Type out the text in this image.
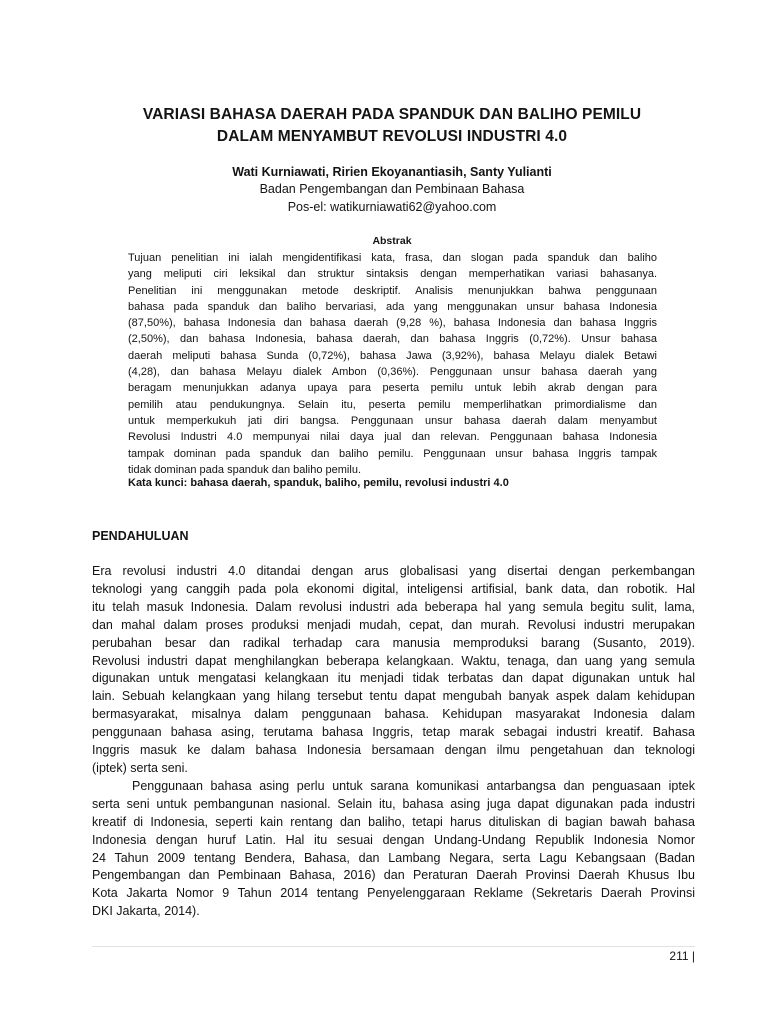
VARIASI BAHASA DAERAH PADA SPANDUK DAN BALIHO PEMILU
DALAM MENYAMBUT REVOLUSI INDUSTRI 4.0
Wati Kurniawati, Ririen Ekoyanantiasih, Santy Yulianti
Badan Pengembangan dan Pembinaan Bahasa
Pos-el: watikurniawati62@yahoo.com
Abstrak
Tujuan penelitian ini ialah mengidentifikasi kata, frasa, dan slogan pada spanduk dan baliho
yang meliputi ciri leksikal dan struktur sintaksis dengan memperhatikan variasi bahasanya.
Penelitian ini menggunakan metode deskriptif. Analisis menunjukkan bahwa penggunaan
bahasa pada spanduk dan baliho bervariasi, ada yang menggunakan unsur bahasa Indonesia
(87,50%), bahasa Indonesia dan bahasa daerah (9,28 %), bahasa Indonesia dan bahasa Inggris
(2,50%), dan bahasa Indonesia, bahasa daerah, dan bahasa Inggris (0,72%). Unsur bahasa
daerah meliputi bahasa Sunda (0,72%), bahasa Jawa (3,92%), bahasa Melayu dialek Betawi
(4,28), dan bahasa Melayu dialek Ambon (0,36%). Penggunaan unsur bahasa daerah yang
beragam menunjukkan adanya upaya para peserta pemilu untuk lebih akrab dengan para
pemilih atau pendukungnya. Selain itu, peserta pemilu memperlihatkan primordialisme dan
untuk memperkukuh jati diri bangsa. Penggunaan unsur bahasa daerah dalam menyambut
Revolusi Industri 4.0 mempunyai nilai daya jual dan relevan. Penggunaan bahasa Indonesia
tampak dominan pada spanduk dan baliho pemilu. Penggunaan unsur bahasa Inggris tampak
tidak dominan pada spanduk dan baliho pemilu.
Kata kunci: bahasa daerah, spanduk, baliho, pemilu, revolusi industri 4.0
PENDAHULUAN
Era revolusi industri 4.0 ditandai dengan arus globalisasi yang disertai dengan perkembangan
teknologi yang canggih pada pola ekonomi digital, inteligensi artifisial, bank data, dan robotik. Hal
itu telah masuk Indonesia. Dalam revolusi industri ada beberapa hal yang semula begitu sulit, lama,
dan mahal dalam proses produksi menjadi mudah, cepat, dan murah. Revolusi industri merupakan
perubahan besar dan radikal terhadap cara manusia memproduksi barang (Susanto, 2019).
Revolusi industri dapat menghilangkan beberapa kelangkaan. Waktu, tenaga, dan uang yang semula
digunakan untuk mengatasi kelangkaan itu menjadi tidak terbatas dan dapat digunakan untuk hal
lain. Sebuah kelangkaan yang hilang tersebut tentu dapat mengubah banyak aspek dalam kehidupan
bermasyarakat, misalnya dalam penggunaan bahasa. Kehidupan masyarakat Indonesia dalam
penggunaan bahasa asing, terutama bahasa Inggris, tetap marak sebagai industri kreatif. Bahasa
Inggris masuk ke dalam bahasa Indonesia bersamaan dengan ilmu pengetahuan dan teknologi
(iptek) serta seni.
Penggunaan bahasa asing perlu untuk sarana komunikasi antarbangsa dan penguasaan iptek
serta seni untuk pembangunan nasional. Selain itu, bahasa asing juga dapat digunakan pada industri
kreatif di Indonesia, seperti kain rentang dan baliho, tetapi harus dituliskan di bagian bawah bahasa
Indonesia dengan huruf Latin. Hal itu sesuai dengan Undang-Undang Republik Indonesia Nomor
24 Tahun 2009 tentang Bendera, Bahasa, dan Lambang Negara, serta Lagu Kebangsaan (Badan
Pengembangan dan Pembinaan Bahasa, 2016) dan Peraturan Daerah Provinsi Daerah Khusus Ibu
Kota Jakarta Nomor 9 Tahun 2014 tentang Penyelenggaraan Reklame (Sekretaris Daerah Provinsi
DKI Jakarta, 2014).
211 |
